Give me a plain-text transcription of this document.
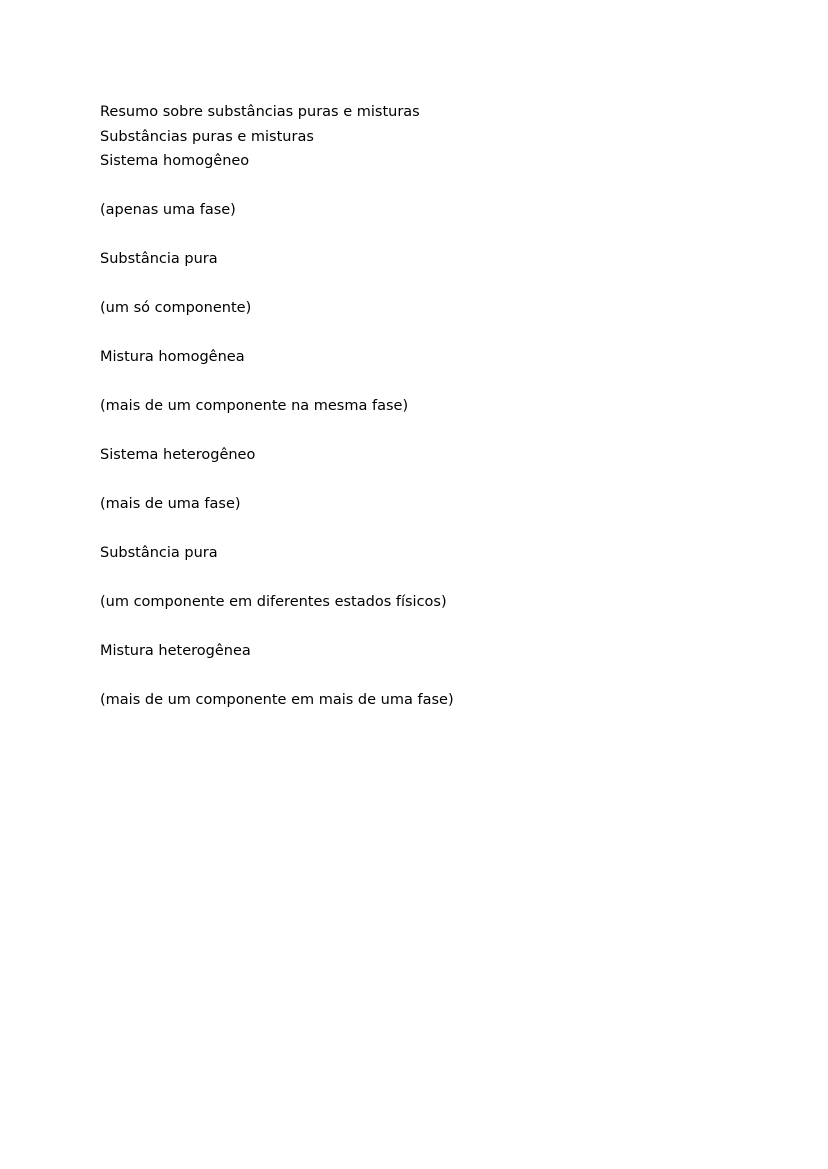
Resumo sobre substâncias puras e misturas

Substâncias puras e misturas

Sistema homogêneo

(apenas uma fase)

Substância pura

(um só componente)

Mistura homogênea

(mais de um componente na mesma fase)

Sistema heterogêneo

(mais de uma fase)

Substância pura

(um componente em diferentes estados físicos)

Mistura heterogênea

(mais de um componente em mais de uma fase)
